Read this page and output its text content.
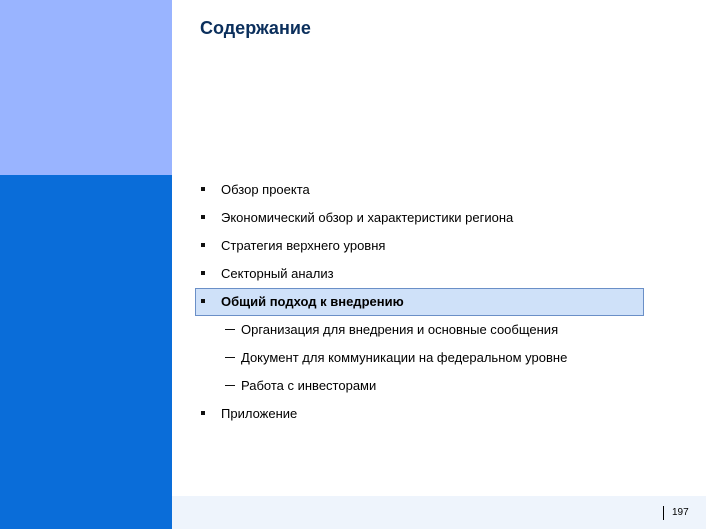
Содержание
Обзор проекта
Экономический обзор и характеристики региона
Стратегия верхнего уровня
Секторный анализ
Общий подход к внедрению
Организация для внедрения и основные сообщения
Документ для коммуникации на федеральном уровне
Работа с инвесторами
Приложение
197
